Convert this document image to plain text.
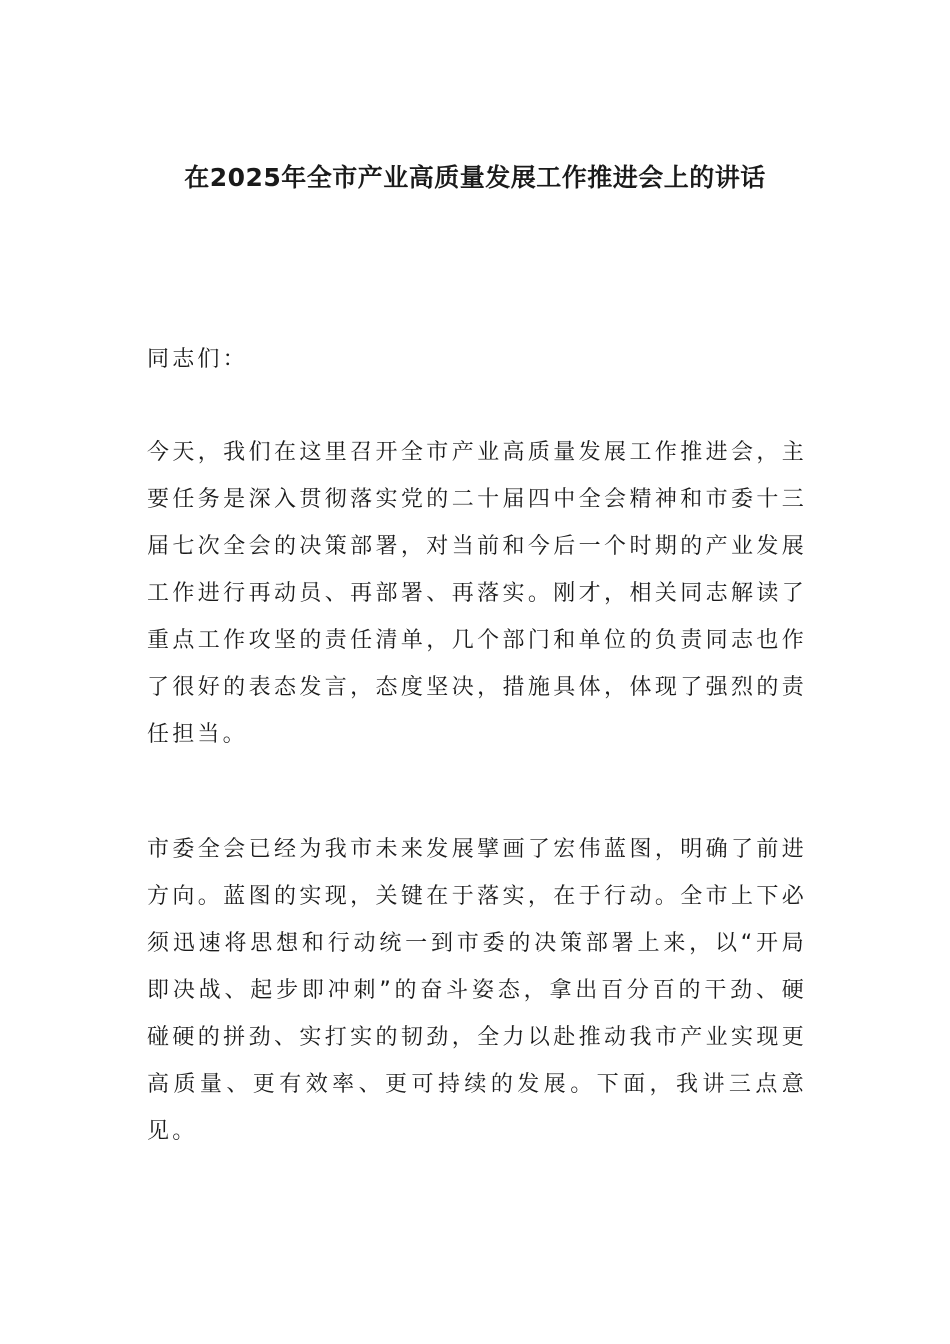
在2025年全市产业高质量发展工作推进会上的讲话
同志们：
今天，我们在这里召开全市产业高质量发展工作推进会，主要任务是深入贯彻落实党的二十届四中全会精神和市委十三届七次全会的决策部署，对当前和今后一个时期的产业发展工作进行再动员、再部署、再落实。刚才，相关同志解读了重点工作攻坚的责任清单，几个部门和单位的负责同志也作了很好的表态发言，态度坚决，措施具体，体现了强烈的责任担当。
市委全会已经为我市未来发展擘画了宏伟蓝图，明确了前进方向。蓝图的实现，关键在于落实，在于行动。全市上下必须迅速将思想和行动统一到市委的决策部署上来，以“开局即决战、起步即冲刺”的奋斗姿态，拿出百分百的干劲、硬碰硬的拼劲、实打实的韧劲，全力以赴推动我市产业实现更高质量、更有效率、更可持续的发展。下面，我讲三点意见。
